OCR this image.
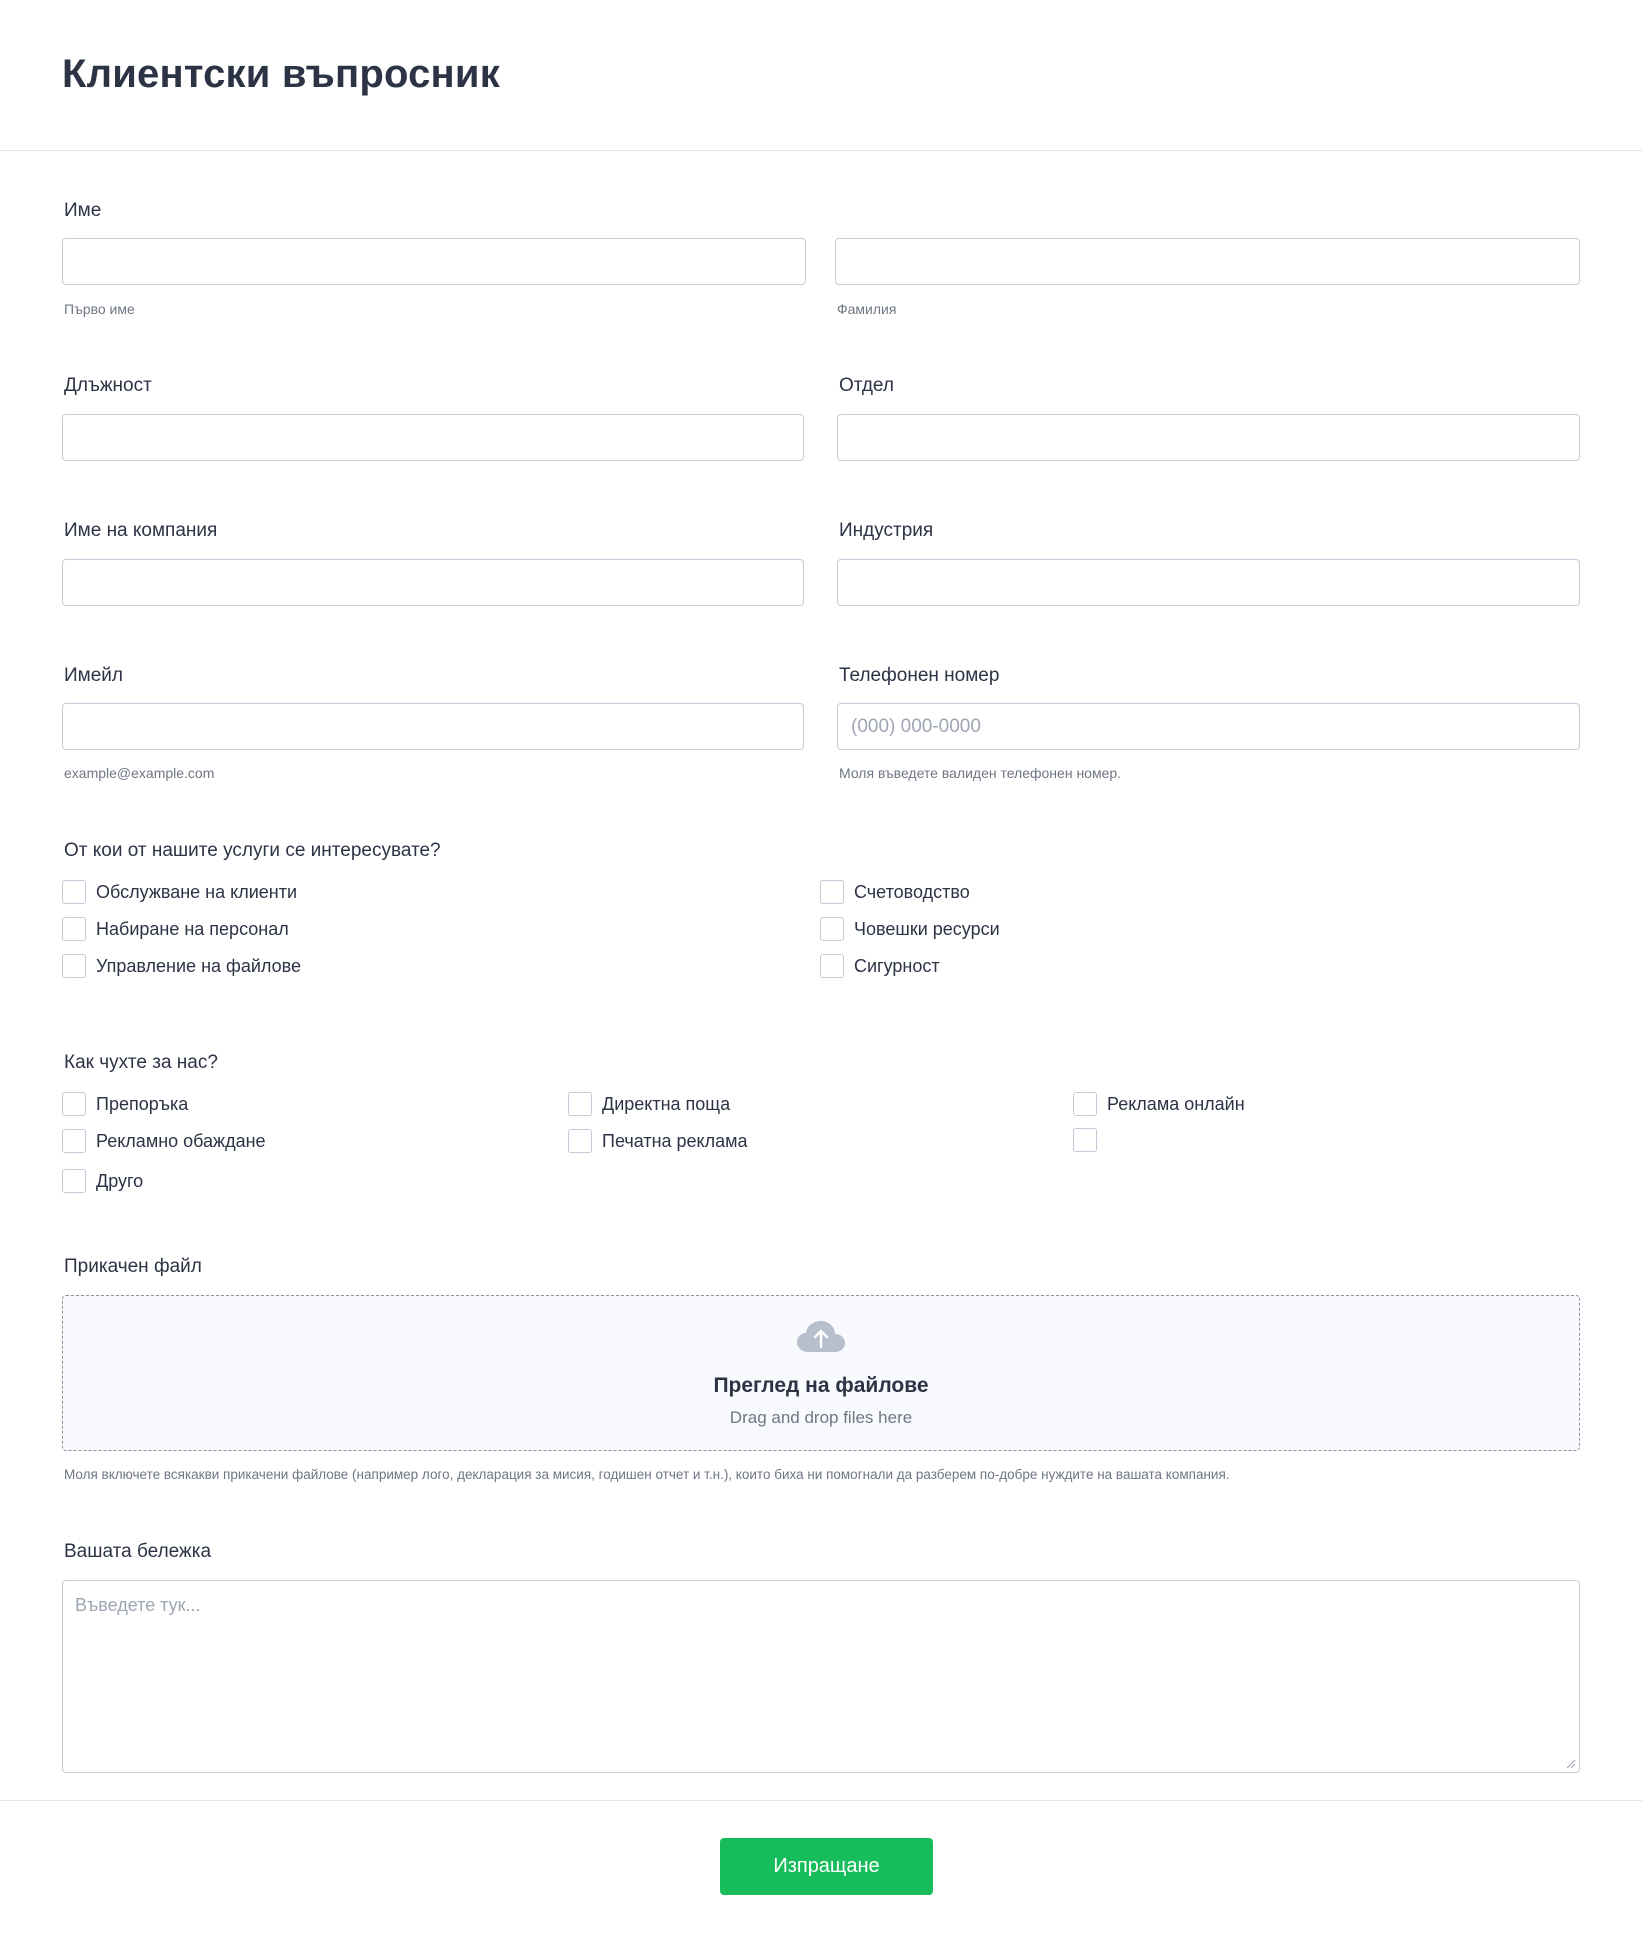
Клиентски въпросник
Име
Първо име	Фамилия
Длъжност	Отдел
Име на компания	Индустрия
Имейл
example@example.com
Телефонен номер
(000) 000-0000
Моля въведете валиден телефонен номер.
От кои от нашите услуги се интересувате?
Обслужване на клиенти
Набиране на персонал
Управление на файлове
Счетоводство
Човешки ресурси
Сигурност
Как чухте за нас?
Препоръка	Директна поща	Реклама онлайн
Рекламно обаждане	Печатна реклама
Друго
Прикачен файл
Преглед на файлове
Drag and drop files here
Моля включете всякакви прикачени файлове (например лого, декларация за мисия, годишен отчет и т.н.), които биха ни помогнали да разберем по-добре нуждите на вашата компания.
Вашата бележка
Въведете тук...
Изпращане
